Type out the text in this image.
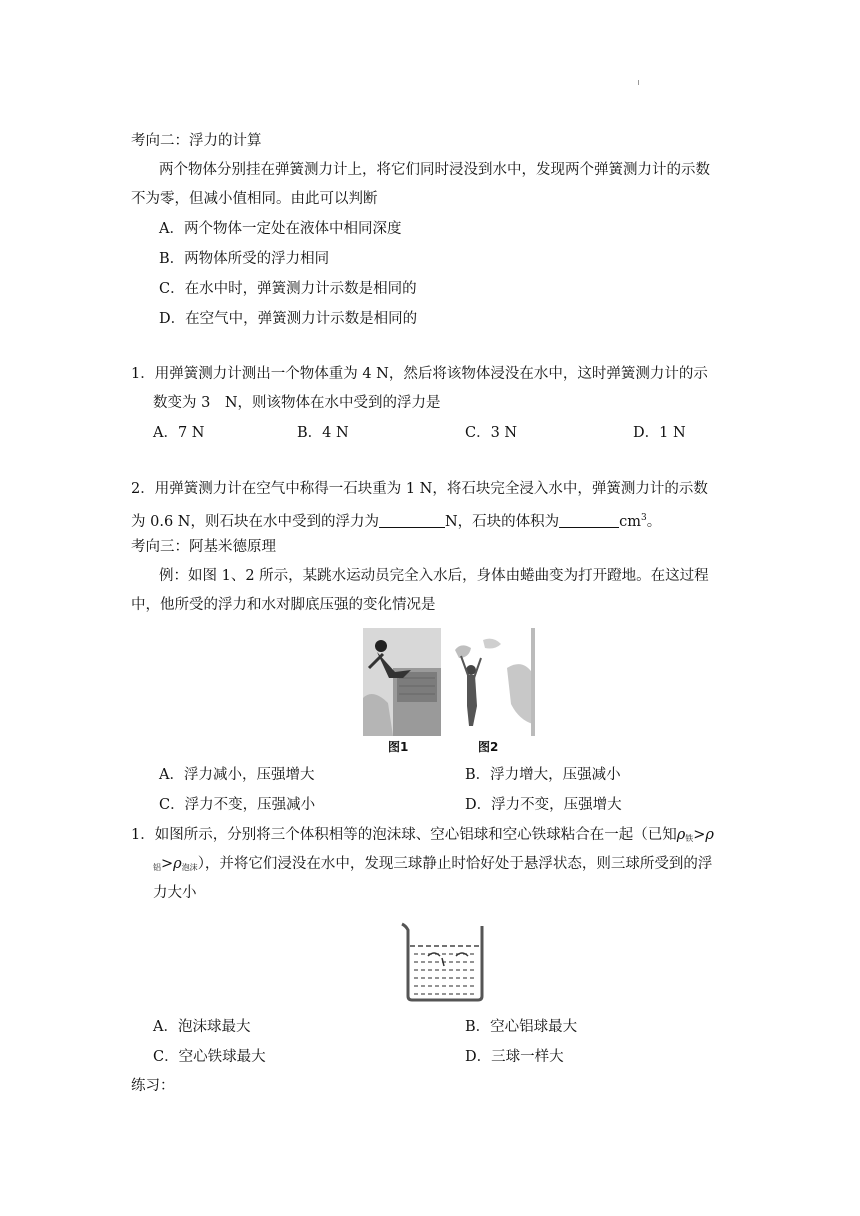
考向二：浮力的计算
两个物体分别挂在弹簧测力计上，将它们同时浸没到水中，发现两个弹簧测力计的示数
不为零，但减小值相同。由此可以判断
A．两个物体一定处在液体中相同深度
B．两物体所受的浮力相同
C．在水中时，弹簧测力计示数是相同的
D．在空气中，弹簧测力计示数是相同的
1．用弹簧测力计测出一个物体重为 4 N，然后将该物体浸没在水中，这时弹簧测力计的示
数变为 3　N，则该物体在水中受到的浮力是
A．7 N	B．4 N	C．3 N	D．1 N
2．用弹簧测力计在空气中称得一石块重为 1 N，将石块完全浸入水中，弹簧测力计的示数
为 0.6 N，则石块在水中受到的浮力为	N，石块的体积为	$cm^3$。
考向三：阿基米德原理
例：如图 1、2 所示，某跳水运动员完全入水后，身体由蜷曲变为打开蹬地。在这过程
中，他所受的浮力和水对脚底压强的变化情况是
图1	图2
A．浮力减小，压强增大	B．浮力增大，压强减小
C．浮力不变，压强减小	D．浮力不变，压强增大
1．如图所示，分别将三个体积相等的泡沫球、空心铝球和空心铁球粘合在一起（已知$\rho_铁>\rho$
$_铝>\rho_{泡沫}$），并将它们浸没在水中，发现三球静止时恰好处于悬浮状态，则三球所受到的浮
力大小
A．泡沫球最大	B．空心铝球最大
C．空心铁球最大	D．三球一样大
练习：
